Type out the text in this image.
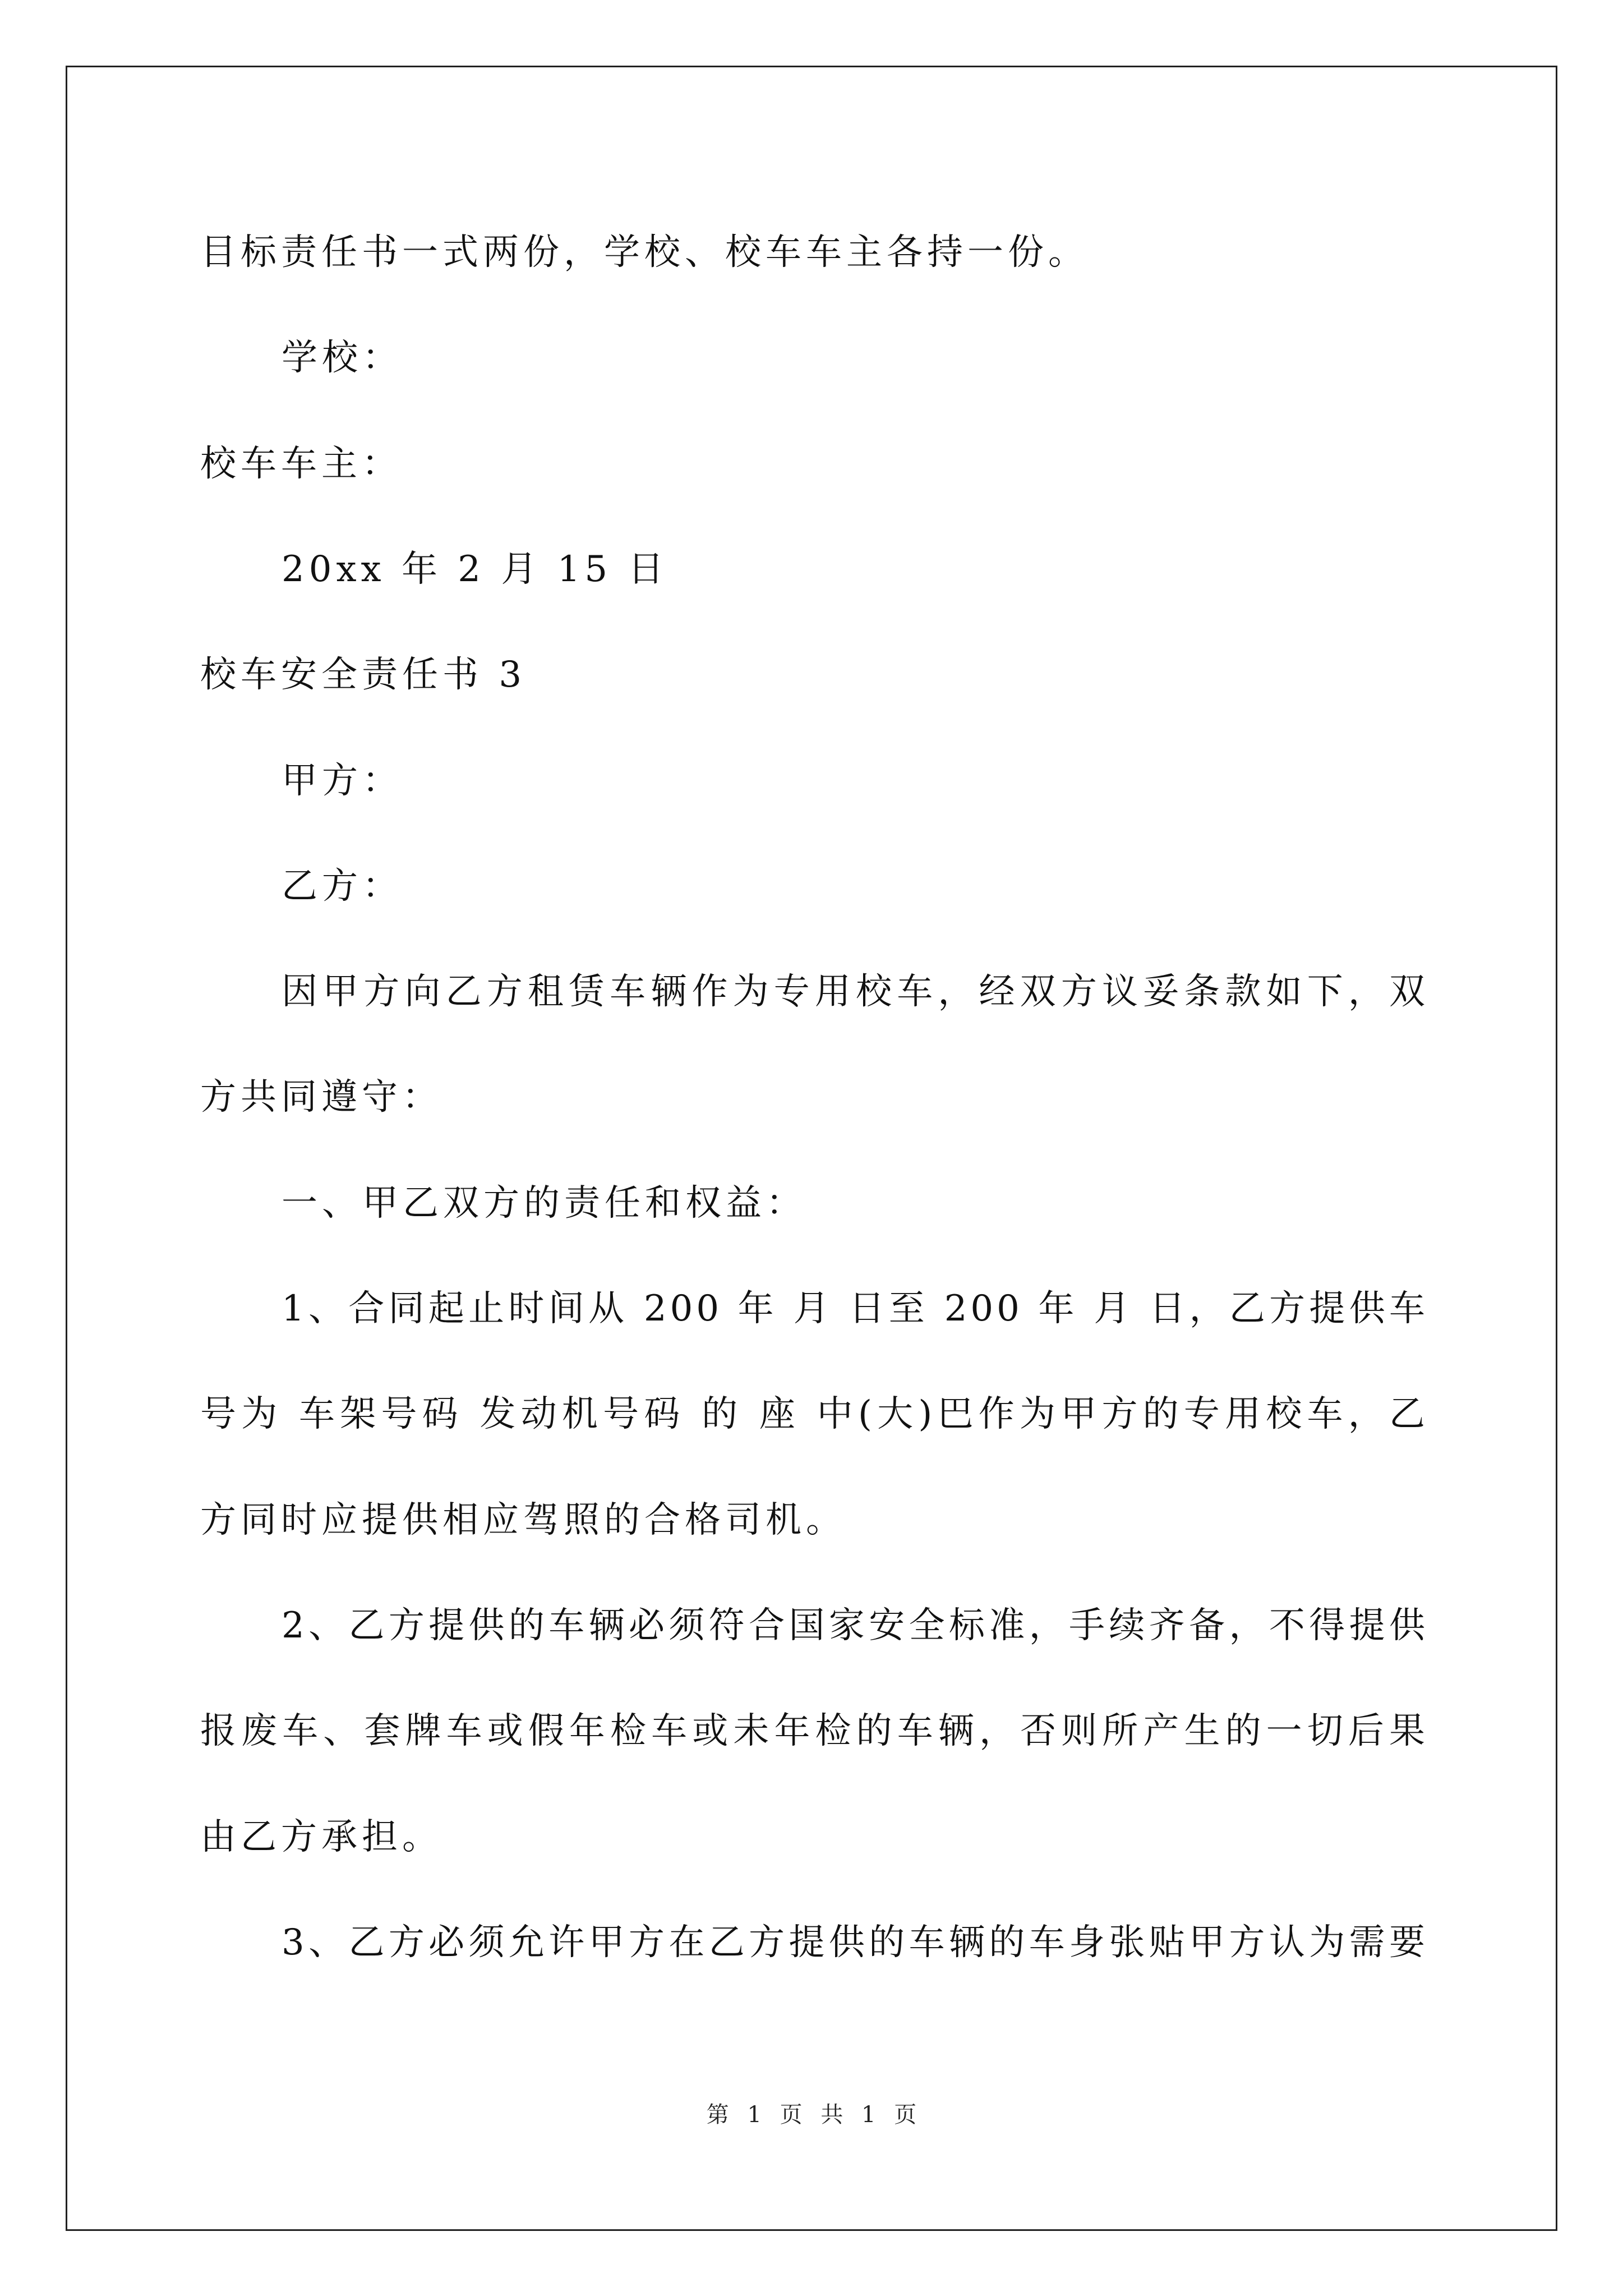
目标责任书一式两份，学校、校车车主各持一份。
学校：
校车车主：
20xx 年 2 月 15 日
校车安全责任书 3
甲方：
乙方：
因甲方向乙方租赁车辆作为专用校车，经双方议妥条款如下，双
方共同遵守：
一、甲乙双方的责任和权益：
1、合同起止时间从 200 年 月 日至 200 年 月 日，乙方提供车
号为 车架号码 发动机号码 的 座 中(大)巴作为甲方的专用校车，乙
方同时应提供相应驾照的合格司机。
2、乙方提供的车辆必须符合国家安全标准，手续齐备，不得提供
报废车、套牌车或假年检车或未年检的车辆，否则所产生的一切后果
由乙方承担。
3、乙方必须允许甲方在乙方提供的车辆的车身张贴甲方认为需要
第 1 页 共 1 页
